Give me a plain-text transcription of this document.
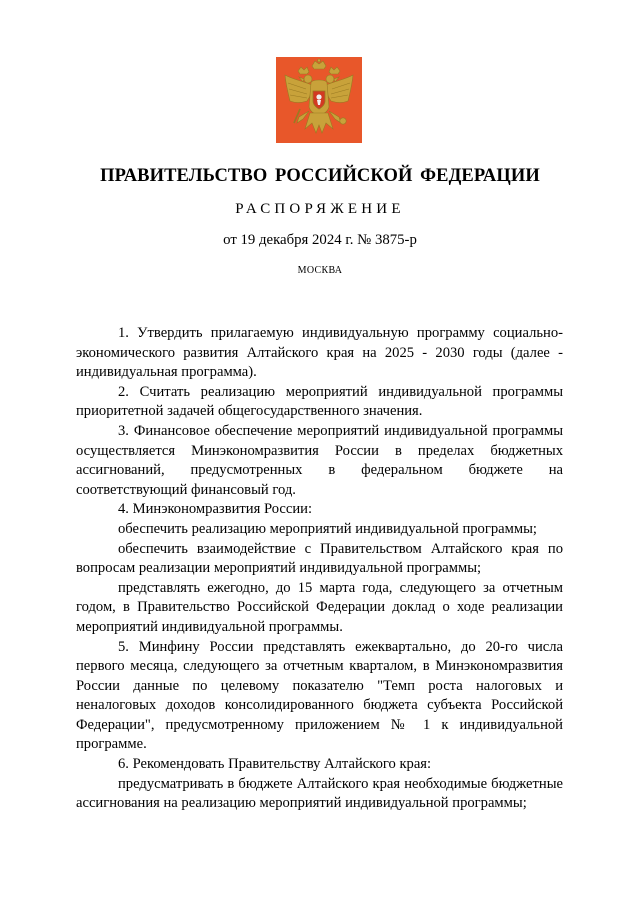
ПРАВИТЕЛЬСТВО РОССИЙСКОЙ ФЕДЕРАЦИИ
РАСПОРЯЖЕНИЕ
от 19 декабря 2024 г. № 3875-р
МОСКВА

1. Утвердить прилагаемую индивидуальную программу социально-экономического развития Алтайского края на 2025 - 2030 годы (далее - индивидуальная программа).

2. Считать реализацию мероприятий индивидуальной программы приоритетной задачей общегосударственного значения.

3. Финансовое обеспечение мероприятий индивидуальной программы осуществляется Минэкономразвития России в пределах бюджетных ассигнований, предусмотренных в федеральном бюджете на соответствующий финансовый год.

4. Минэкономразвития России:

обеспечить реализацию мероприятий индивидуальной программы;

обеспечить взаимодействие с Правительством Алтайского края по вопросам реализации мероприятий индивидуальной программы;

представлять ежегодно, до 15 марта года, следующего за отчетным годом, в Правительство Российской Федерации доклад о ходе реализации мероприятий индивидуальной программы.

5. Минфину России представлять ежеквартально, до 20-го числа первого месяца, следующего за отчетным кварталом, в Минэкономразвития России данные по целевому показателю "Темп роста налоговых и неналоговых доходов консолидированного бюджета субъекта Российской Федерации", предусмотренному приложением № 1 к индивидуальной программе.

6. Рекомендовать Правительству Алтайского края:

предусматривать в бюджете Алтайского края необходимые бюджетные ассигнования на реализацию мероприятий индивидуальной программы;
